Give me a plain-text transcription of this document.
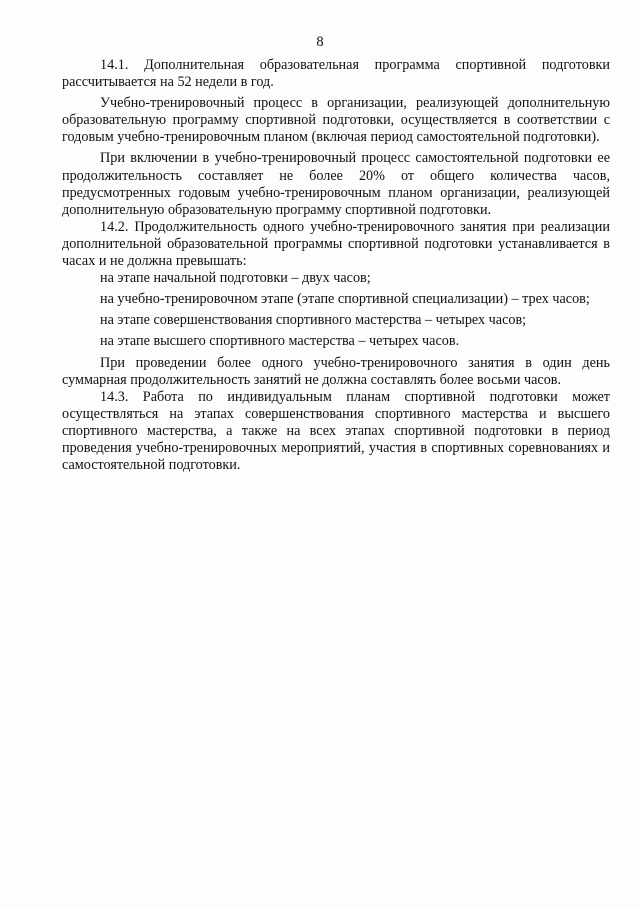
8

14.1. Дополнительная образовательная программа спортивной подготовки рассчитывается на 52 недели в год.

Учебно-тренировочный процесс в организации, реализующей дополнительную образовательную программу спортивной подготовки, осуществляется в соответствии с годовым учебно-тренировочным планом (включая период самостоятельной подготовки).

При включении в учебно-тренировочный процесс самостоятельной подготовки ее продолжительность составляет не более 20% от общего количества часов, предусмотренных годовым учебно-тренировочным планом организации, реализующей дополнительную образовательную программу спортивной подготовки.

14.2. Продолжительность одного учебно-тренировочного занятия при реализации дополнительной образовательной программы спортивной подготовки устанавливается в часах и не должна превышать:

на этапе начальной подготовки – двух часов;

на учебно-тренировочном этапе (этапе спортивной специализации) – трех часов;

на этапе совершенствования спортивного мастерства – четырех часов;

на этапе высшего спортивного мастерства – четырех часов.

При проведении более одного учебно-тренировочного занятия в один день суммарная продолжительность занятий не должна составлять более восьми часов.

14.3. Работа по индивидуальным планам спортивной подготовки может осуществляться на этапах совершенствования спортивного мастерства и высшего спортивного мастерства, а также на всех этапах спортивной подготовки в период проведения учебно-тренировочных мероприятий, участия в спортивных соревнованиях и самостоятельной подготовки.
